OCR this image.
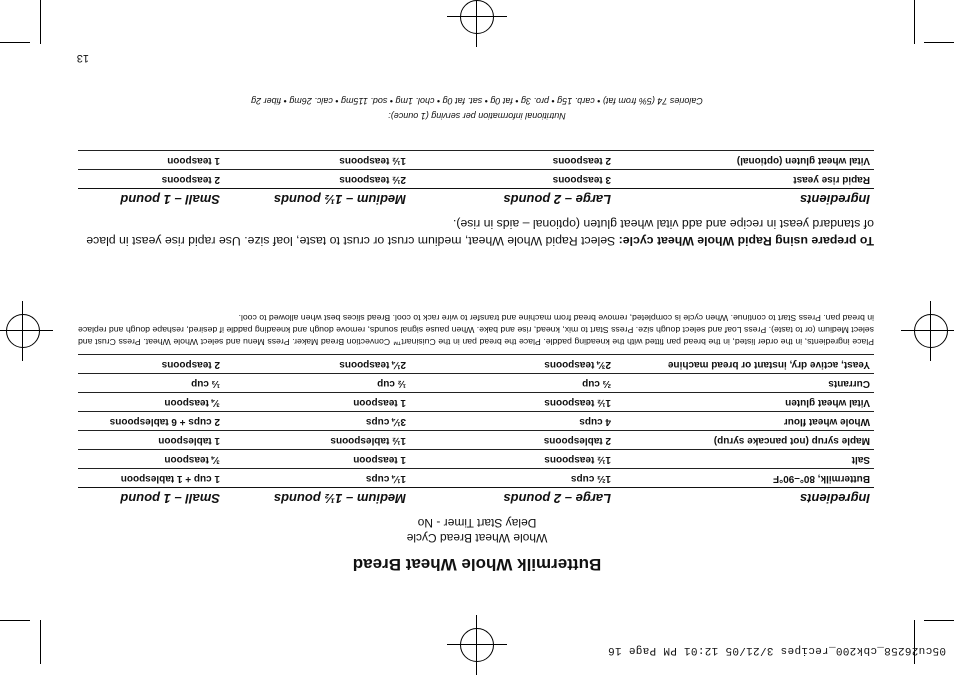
05cu26258_cbk200_recipes 3/21/05 12:01 PM Page 16
Buttermilk Whole Wheat Bread
Whole Wheat Bread Cycle
Delay Start Timer - No
Ingredients
Large – 2 pounds
Medium – 1½ pounds
Small – 1 pound
Buttermilk, 80°–90°F
1⅔ cups
1¼ cups
1 cup + 1 tablespoon
Salt
1½ teaspoons
1 teaspoon
¾ teaspoon
Maple syrup (not pancake syrup)
2 tablespoons
1½ tablespoons
1 tablespoon
Whole wheat flour
4 cups
3¼ cups
2 cups + 6 tablespoons
Vital wheat gluten
1½ teaspoons
1 teaspoon
¾ teaspoon
Currants
⅔ cup
½ cup
⅓ cup
Yeast, active dry, instant or bread machine
2¾ teaspoons
2¼ teaspoons
2 teaspoons
Place ingredients, in the order listed, in the bread pan fitted with the kneading paddle. Place the bread pan in the Cuisinart™ Convection Bread Maker. Press Menu and select Whole Wheat. Press Crust and select Medium (or to taste). Press Loaf and select dough size. Press Start to mix, knead, rise and bake. When pause signal sounds, remove dough and kneading paddle if desired, reshape dough and replace in bread pan. Press Start to continue. When cycle is completed, remove bread from machine and transfer to wire rack to cool. Bread slices best when allowed to cool.
To prepare using Rapid Whole Wheat cycle: Select Rapid Whole Wheat, medium crust or crust to taste, loaf size. Use rapid rise yeast in place of standard yeast in recipe and add vital wheat gluten (optional – aids in rise).
Ingredients
Large – 2 pounds
Medium – 1½ pounds
Small – 1 pound
Rapid rise yeast
3 teaspoons
2½ teaspoons
2 teaspoons
Vital wheat gluten (optional)
2 teaspoons
1½ teaspoons
1 teaspoon
Nutritional information per serving (1 ounce):
Calories 74 (5% from fat) • carb. 15g • pro. 3g • fat 0g • sat. fat 0g • chol. 1mg • sod. 115mg • calc. 26mg • fiber 2g
13
